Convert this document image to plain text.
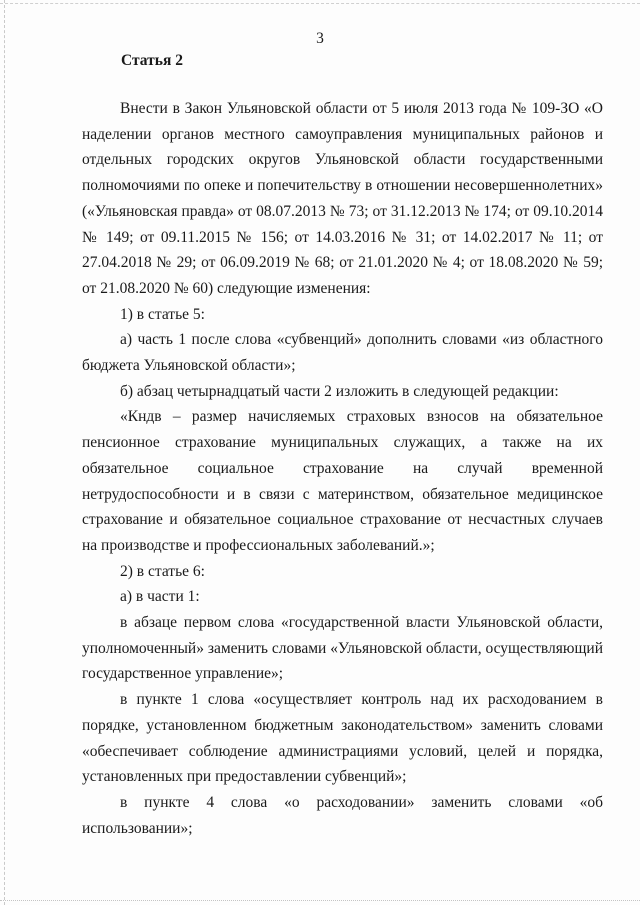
3
Статья 2

Внести в Закон Ульяновской области от 5 июля 2013 года № 109-ЗО «О наделении органов местного самоуправления муниципальных районов и отдельных городских округов Ульяновской области государственными полномочиями по опеке и попечительству в отношении несовершеннолетних» («Ульяновская правда» от 08.07.2013 № 73; от 31.12.2013 № 174; от 09.10.2014 № 149; от 09.11.2015 № 156; от 14.03.2016 № 31; от 14.02.2017 № 11; от 27.04.2018 № 29; от 06.09.2019 № 68; от 21.01.2020 № 4; от 18.08.2020 № 59; от 21.08.2020 № 60) следующие изменения:

1) в статье 5:

а) часть 1 после слова «субвенций» дополнить словами «из областного бюджета Ульяновской области»;

б) абзац четырнадцатый части 2 изложить в следующей редакции:

«Кндв – размер начисляемых страховых взносов на обязательное пенсионное страхование муниципальных служащих, а также на их обязательное социальное страхование на случай временной нетрудоспособности и в связи с материнством, обязательное медицинское страхование и обязательное социальное страхование от несчастных случаев на производстве и профессиональных заболеваний.»;

2) в статье 6:

а) в части 1:

в абзаце первом слова «государственной власти Ульяновской области, уполномоченный» заменить словами «Ульяновской области, осуществляющий государственное управление»;

в пункте 1 слова «осуществляет контроль над их расходованием в порядке, установленном бюджетным законодательством» заменить словами «обеспечивает соблюдение администрациями условий, целей и порядка, установленных при предоставлении субвенций»;

в пункте 4 слова «о расходовании» заменить словами «об использовании»;
